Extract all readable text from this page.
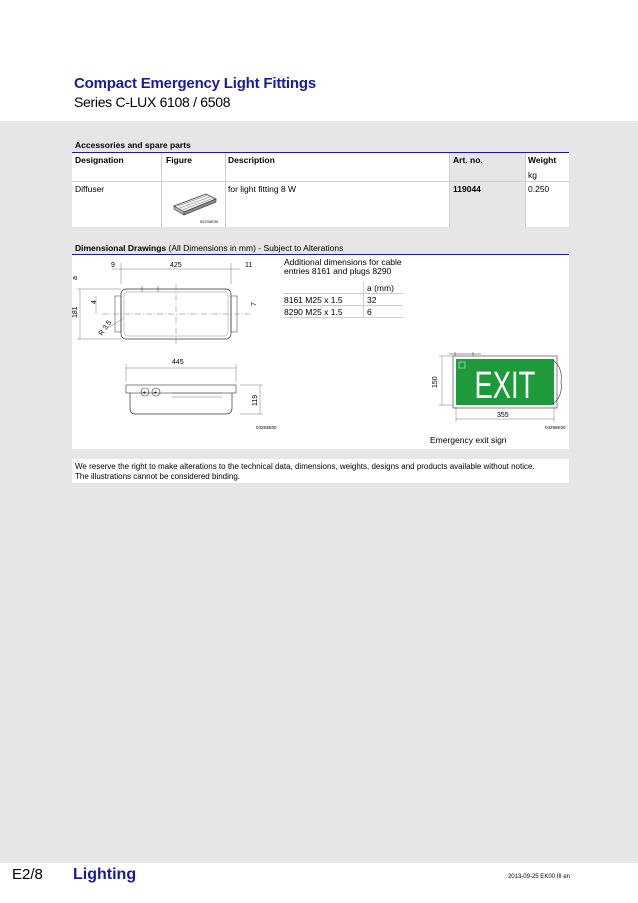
Compact Emergency Light Fittings
Series C-LUX 6108 / 6508
Accessories and spare parts
Designation	Figure	Description	Art. no.	Weight
kg
Diffuser	for light fitting 8 W	119044	0.250
05704E00
Dimensional Drawings (All Dimensions in mm) - Subject to Alterations
9	425	11
181
a
4
7
R 3.5
445
+ +
119
04293E00
Additional dimensions for cable
entries 8161 and plugs 8290
a (mm)
8161 M25 x 1.5	32
8290 M25 x 1.5	6
EXIT
150
355
04295E00
Emergency exit sign
We reserve the right to make alterations to the technical data, dimensions, weights, designs and products available without notice.
The illustrations cannot be considered binding.
E2/8 Lighting	2013-09-25 EK00 III en
